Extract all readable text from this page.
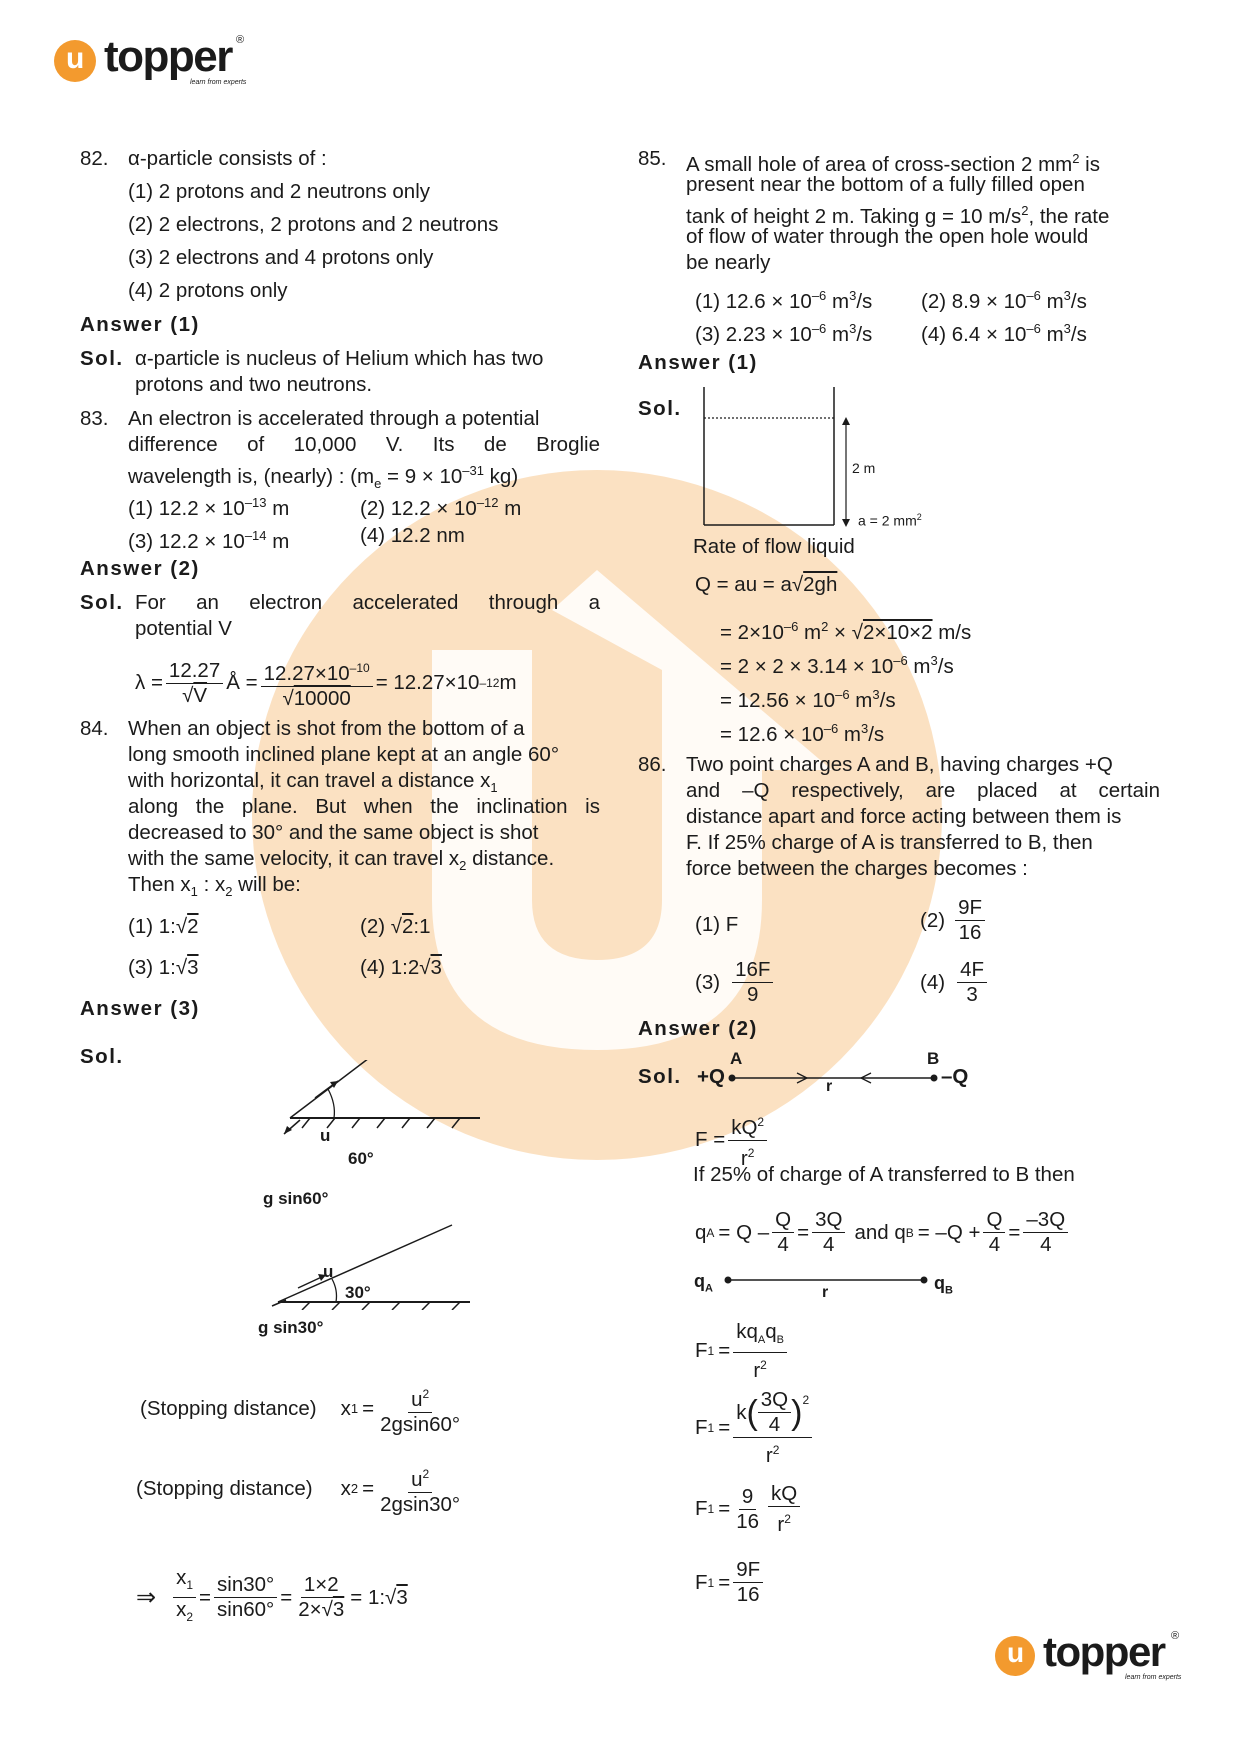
u topper ®
learn from experts
82. α-particle consists of :
(1) 2 protons and 2 neutrons only
(2) 2 electrons, 2 protons and 2 neutrons
(3) 2 electrons and 4 protons only
(4) 2 protons only
Answer (1)
Sol. α-particle is nucleus of Helium which has two
protons and two neutrons.
83. An electron is accelerated through a potential
difference of 10,000 V. Its de Broglie
wavelength is, (nearly) : ($m_e = 9 \times 10^{-31}$ kg)
(1) $12.2 \times 10^{-13}$ m	(2) $12.2 \times 10^{-12}$ m
(3) $12.2 \times 10^{-14}$ m	(4) 12.2 nm
Answer (2)
Sol. For an electron accelerated through a
potential V
$\lambda = \frac{12.27}{√V}$ Å = $\frac{12.27\times 10^{-10}}{√10000} = 12.27\times 10$ –12 m
84. When an object is shot from the bottom of a
long smooth inclined plane kept at an angle 60°
with horizontal, it can travel a distance $x_1$
along the plane. But when the inclination is
decreased to 30° and the same object is shot
with the same velocity, it can travel $x_2$ distance.
Then $x_1$ : $x_2$ will be:
(1) 1:√2	(2) √2:1
(3) 1:√3	(4) 1:2√3
Answer (3)
Sol.
u
60°
g sin60°
u
30°
g sin30°
(Stopping distance) x $1 = \frac{u^2}{2gsin60^\circ}$
(Stopping distance) x $2 = \frac{u^2}{2gsin30^\circ}$
⇒ $\frac{x_1}{x_2} = \frac{\sin 30^\circ}{\sin 60^\circ} = \frac{1\times 2}{2\times√3} = 1$: √ 3
85. A small hole of area of cross-section 2 $mm^2$ is
present near the bottom of a fully filled open
tank of height 2 m. Taking g = 10 $m/s^2$, the rate
of flow of water through the open hole would
be nearly
(1) $12.6 \times 10^{-6}$ $m^3/s$ (2) $8.9 \times 10^{-6}$ $m^3/s$
(3) $2.23 \times 10^{-6}$ $m^3/s$ (4) $6.4 \times 10^{-6}$ $m^3/s$
Answer (1)
Sol.
2 m
a = 2 $mm^2$
Rate of flow liquid
Q = au = a√2gh
= $2\times 10^{-6}$ $m^2 \times √2\times 10\times 2$ m/s
= $2 \times 2 \times 3.14 \times 10^{-6}$ $m^3/s$
= $12.56 \times 10^{-6}$ $m^3/s$
= $12.6 \times 10^{-6}$ $m^3/s$
86. Two point charges A and B, having charges +Q
and –Q respectively, are placed at certain
distance apart and force acting between them is
F. If 25% charge of A is transferred to B, then
force between the charges becomes :
(1) F	$(2) \frac{9F}{16}$
$(3) \frac{16F}{9}$	$(4) \frac{4F}{3}$
Answer (2)
Sol. +Q
A	B
–Q
r
$F = \frac{kQ^2}{r^2}$
If 25% of charge of A transferred to B then
q $A = Q - \frac{Q}{4} = \frac{3Q}{4}$ and q $B = -Q + \frac{Q}{4} = \frac{-3Q}{4}$
$q_A$	r	$q_B$
F $1 = \frac{kq_Aq_B}{r^2}$
F $1 = \frac{k ( \frac{3Q}{4} )^2}{r^2}$
F $1 = \frac{9}{16} \frac{kQ}{r^2}$
F $1 = \frac{9F}{16}$
u topper ®
learn from experts
